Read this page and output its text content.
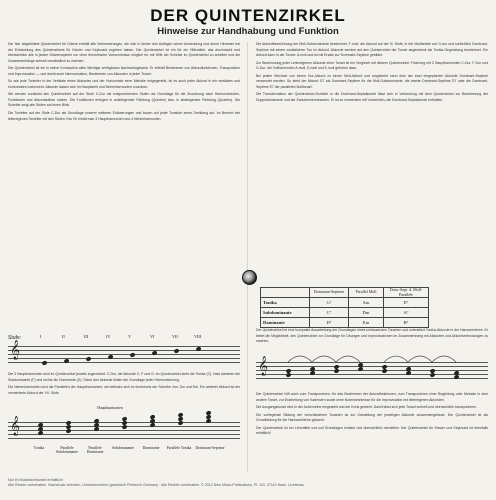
DER QUINTENZIRKEL
Hinweise zur Handhabung und Funktion

Der hier abgebildete Quintenzirkel für Gitarre enthält alle Verbesserungen, die sich in bisher drei Auflagen seiner Anwendung und durch Hinweise bei der Entwicklung des Quintenzirkels für Klavier und Keyboard ergeben haben. Der Quintenzirkel ist ein für ein Hilfsmittel, das durchdacht und übersichtlich alle in jedem Gitarrenspieler nur ohne theoretische Vorkenntnisse möglich ist, mit Hilfe der Scheibe im Quintenzirkel zu arbeiten und die Zusammenhänge schnell verständlich zu machen.

Der Quintenzirkel ist ein in seiner Konzeption alles Wichtige verfügbares Nachschlagewerk. Er enthält Bestimmen von Akkordfunktionen, Transposition und Improvisation — und damit auch Harmonisation, Bestimmen von Akkorden in jeder Tonart.

So wie jede Tonleiter in der Vertikale eines Akkordes und der Horizontale einer Melodie entgegentritt, ist es auch jeder Akkord in ein vertikales und horizontales Instrument. Akkorde lassen sich im Hauptwerk und Nebenharmonien zuordnen.

Wir werden zunächst den Quintenzirkel auf der Stufe C-Dur mit entsprechenden Stufen als Grundlage für die Zuordnung nach Harmoniestufen, Funktionen und Akkordaufbau nutzen. Die Funktionen erfolgen in aufsteigender Richtung (Quinten) bzw. in absteigender Richtung (Quarten). Die Scheibe zeigt alle Stufen auf einen Blick.

Die Tonleiter auf der Stufe C-Dur als Grundlage unserer weiteren Erläuterungen und bauen auf jeder Tonstufe einen Dreiklang auf. Im Bereich der leitereigenen Tonleiter mit den Stufen I bis VII erhält man 3 Hauptharmonien und 4 Nebenharmonien.

Stufe:
𝄞
I	II	III	IV	V	VI	VII	VIII

Die 3 Hauptharmonien sind im Quintenzirkel jeweils zugeordnet: C-Dur, die Akkorde C, F und G. Im Quintenzirkel steht die Tonika (C), links daneben die Subdominante (F) und rechts die Dominante (G). Diese drei Akkorde bilden die Grundlage jeder Harmonisierung.

Die Nebenharmonien sind die Parallelen der Hauptharmonien; sie befinden sich im Innenkreis der Scheibe: Am, Dm und Em. Ein weiterer Akkord ist der verminderte Akkord der VII. Stufe.

Hauptharmonien
𝄞
Tonika	Parallele Subdominante
Parallele Dominante
Subdominante	Dominante	Parallele Tonika	Dominant-Septime

Die Akkordbezeichnung der Moll-Subdominante bezeichnet: F-moll, der Akkord auf der III. Stufe, in der Mollfamilie von G-dur und schließlich Dominant-Septime mit einem zusätzlichen Ton im Akkord. Akkorde werden auf den Quintenzirkel der Tonart abgestimmt als Tonika-Gegenklang bezeichnet. Ein Akkord kann in der Tonart: A-moll und ist mit Ersatz zur Dominant-Septime gebildet.

Zur Bestimmung jeder Leitereigenen Akkorde einer Tonart ist ein Vergleich mit diesem Quintenzirkel: Fixierung mit 3 Hauptharmonien C-Dur, F-Dur und G-Dur; die Vollharmonien A-moll, D-moll und E-moll gehören dazu.

Bei jedem Wechsel von einem Dur-Akkord zu einem Moll-Akkord und umgekehrt kann eine der zwei eingeplanten Akkorde Dominant-Septime verwendet werden. So steht der Akkord G7 als Dominant-Septime für die Moll-Subdominante, die zweite Dominant-Septime D7 oder die Dominant-Septime E7 der parallelen Molltonart.

Die Transformation der Quintenzirkel-Scheibe in die Dominant-Septakkorde lässt sich in Verbindung mit dem Quintenzirkel zur Bestimmung der Doppeldominante und der Zwischendominanten. Er ist zu verwenden mit Vorzeichen, die Dominant-Septakkorde enthalten.

	Dominant-Septime	Parallel Moll	Dom.-Sept. d. Moll-Parallele
Tonika	G⁷	Am	E⁷
Subdominante	C⁷	Dm	A⁷
Dominante	D⁷	Em	B⁷

Der Quintenzirkel ist eine kompakte Ausarbeitung der Grundlagen eines umfassenden Tonarten und unterstützt Tonika-Akkorde in der Harmonielehre. Er bietet die Möglichkeit, den Quintenzirkel zur Grundlage für Übungen und Improvisationen im Zusammenhang mit Akkorden und Akkordverbindungen zu machen.

𝄞

Der Quintenzirkel hilft auch zum Transponieren, für das Bestimmen der Akkordfunktionen, zum Transponieren einer Begleitung oder Melodie in eine andere Tonart, zur Erarbeitung von Kadenzen sowie ohne Notenkenntnisse für die Improvisation mit leitereigenen Akkorden.

Die Ausgangstonart wird in der Außenreihe eingestellt und der Kreis gedreht. Damit lässt sich jede Tonart schnell und übersichtlich transponieren.

Die vorliegende Bildung der verschiedenen Tonarten ist zur Darstellung der jeweiligen Akkorde zusammengefasst. Der Quintenzirkel ist als Grundbildung für die Harmonielehre gedacht.

Der Quintenzirkel ist ein Lehrmittel und soll Grundlagen einfach und übersichtlich vermitteln. Der Quintenzirkel für Klavier und Keyboard ist ebenfalls erhältlich!

Nur im Musikfachhandel erhältlich!
Alle Rechte vorbehalten. Nachdruck verboten. Urheberrechtlich geschützt! Printed in Germany · Alle Rechte vorbehalten. © 2012 New Music Publications, Pf. 110, 37110 Hann. Lichtenau
